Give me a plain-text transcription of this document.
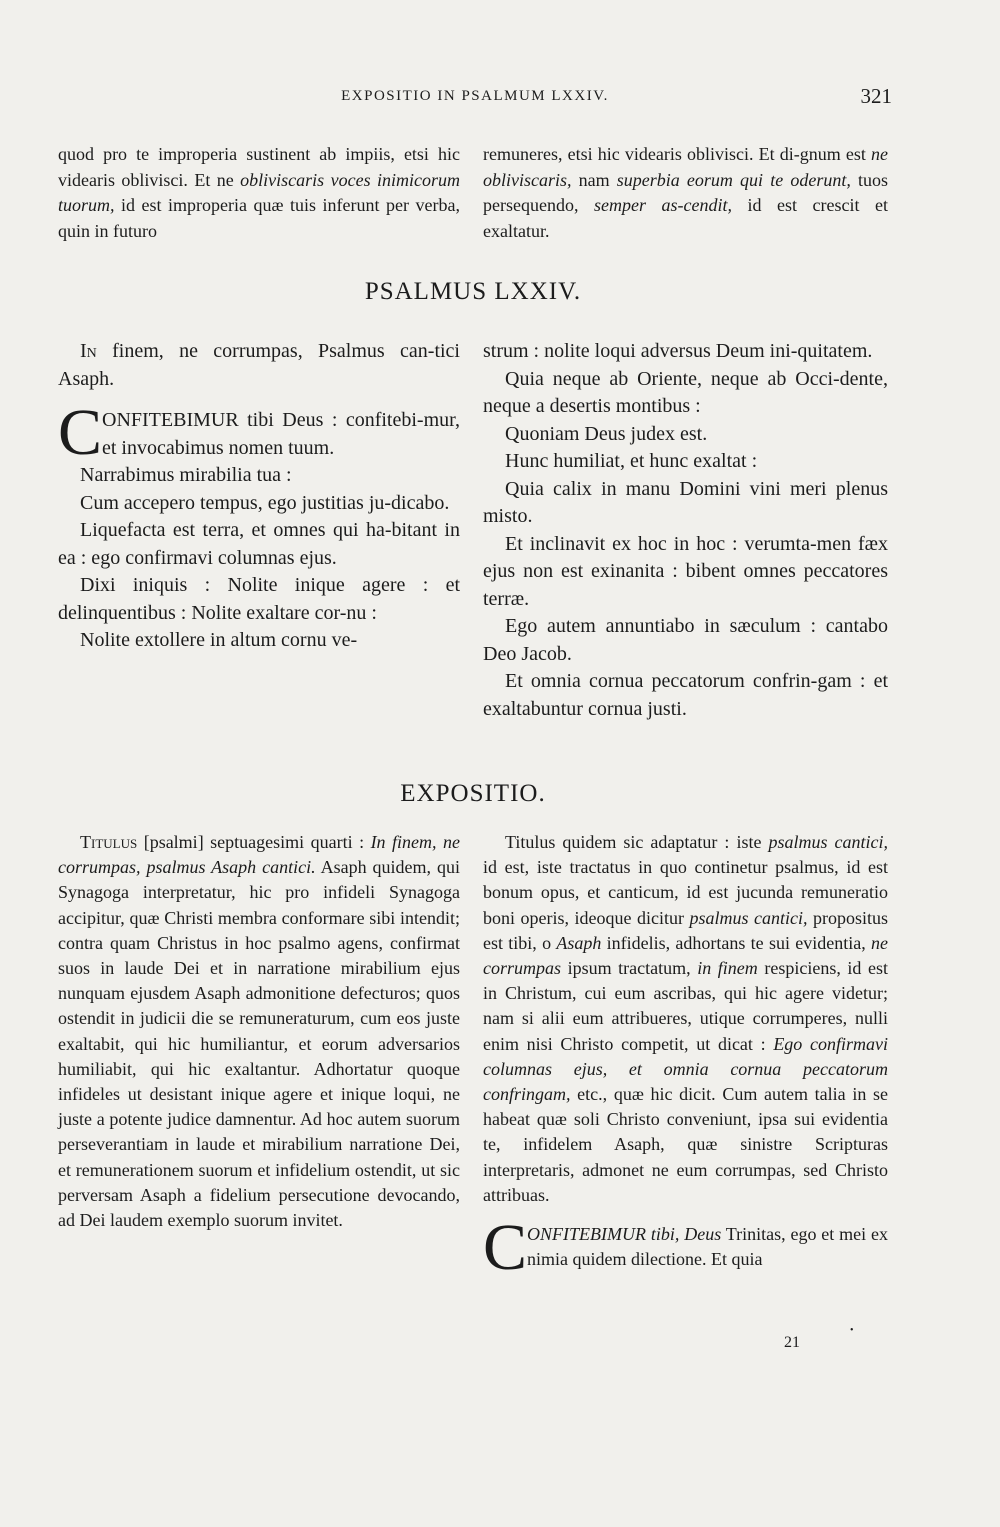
EXPOSITIO IN PSALMUM LXXIV.	321

quod pro te improperia sustinent ab impiis, etsi hic videaris oblivisci. Et ne obliviscaris voces inimicorum tuorum, id est improperia quæ tuis inferunt per verba, quin in futuro

remuneres, etsi hic videaris oblivisci. Et di-gnum est ne obliviscaris, nam superbia eorum qui te oderunt, tuos persequendo, semper as-cendit, id est crescit et exaltatur.

PSALMUS LXXIV.

In finem, ne corrumpas, Psalmus can-tici Asaph.

C ONFITEBIMUR tibi Deus : confitebi-mur, et invocabimus nomen tuum.

Narrabimus mirabilia tua :

Cum accepero tempus, ego justitias ju-dicabo.

Liquefacta est terra, et omnes qui ha-bitant in ea : ego confirmavi columnas ejus.

Dixi iniquis : Nolite inique agere : et delinquentibus : Nolite exaltare cor-nu :

Nolite extollere in altum cornu ve-

strum : nolite loqui adversus Deum ini-quitatem.

Quia neque ab Oriente, neque ab Occi-dente, neque a desertis montibus :

Quoniam Deus judex est.

Hunc humiliat, et hunc exaltat :

Quia calix in manu Domini vini meri plenus misto.

Et inclinavit ex hoc in hoc : verumta-men fæx ejus non est exinanita : bibent omnes peccatores terræ.

Ego autem annuntiabo in sæculum : cantabo Deo Jacob.

Et omnia cornua peccatorum confrin-gam : et exaltabuntur cornua justi.

EXPOSITIO.

Titulus [psalmi] septuagesimi quarti : In finem, ne corrumpas, psalmus Asaph cantici. Asaph quidem, qui Synagoga interpretatur, hic pro infideli Synagoga accipitur, quæ Christi membra conformare sibi intendit; contra quam Christus in hoc psalmo agens, confirmat suos in laude Dei et in narratione mirabilium ejus nunquam ejusdem Asaph admonitione defecturos; quos ostendit in judicii die se remuneraturum, cum eos juste exaltabit, qui hic humiliantur, et eorum adversarios humiliabit, qui hic exaltantur. Adhortatur quoque infideles ut desistant inique agere et inique loqui, ne juste a potente judice damnentur. Ad hoc autem suorum perseverantiam in laude et mirabilium narratione Dei, et remunerationem suorum et infidelium ostendit, ut sic perversam Asaph a fidelium persecutione devocando, ad Dei laudem exemplo suorum invitet.

Titulus quidem sic adaptatur : iste psalmus cantici, id est, iste tractatus in quo continetur psalmus, id est bonum opus, et canticum, id est jucunda remuneratio boni operis, ideoque dicitur psalmus cantici, propositus est tibi, o Asaph infidelis, adhortans te sui evidentia, ne corrumpas ipsum tractatum, in finem respiciens, id est in Christum, cui eum ascribas, qui hic agere videtur; nam si alii eum attribueres, utique corrumperes, nulli enim nisi Christo competit, ut dicat : Ego confirmavi columnas ejus, et omnia cornua peccatorum confringam, etc., quæ hic dicit. Cum autem talia in se habeat quæ soli Christo conveniunt, ipsa sui evidentia te, infidelem Asaph, quæ sinistre Scripturas interpretaris, admonet ne eum corrumpas, sed Christo attribuas.

C ONFITEBIMUR tibi, Deus Trinitas, ego et mei ex nimia quidem dilectione. Et quia

21
•
